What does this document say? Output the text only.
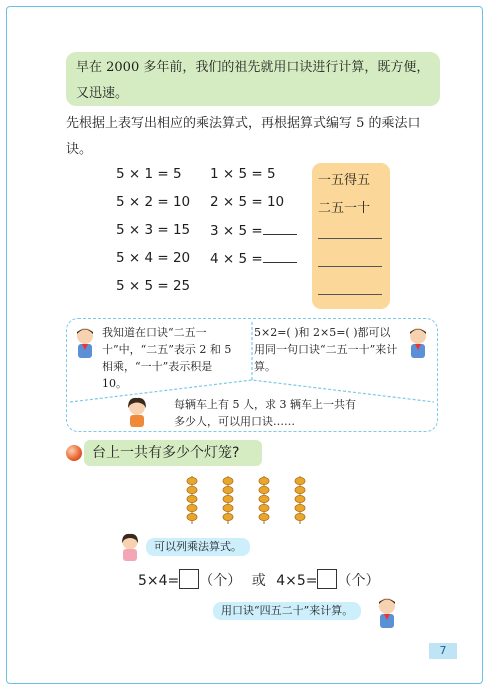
早在 2000 多年前，我们的祖先就用口诀进行计算，既方便，又迅速。
先根据上表写出相应的乘法算式，再根据算式编写 5 的乘法口诀。
5 × 1 = 5
5 × 2 = 10
5 × 3 = 15
5 × 4 = 20
5 × 5 = 25
1 × 5 = 5
2 × 5 = 10
3 × 5 =
4 × 5 =
一五得五
二五一十
我知道在口诀“二五一十”中，“二五”表示 2 和 5 相乘，“一十”表示积是 10。
5×2=( )和 2×5=( )都可以用同一句口诀“二五一十”来计算。
每辆车上有 5 人，求 3 辆车上一共有多少人，可以用口诀……
台上一共有多少个灯笼?
可以列乘法算式。
5×4= （个） 或 4×5= （个）
用口诀“四五二十”来计算。
7
